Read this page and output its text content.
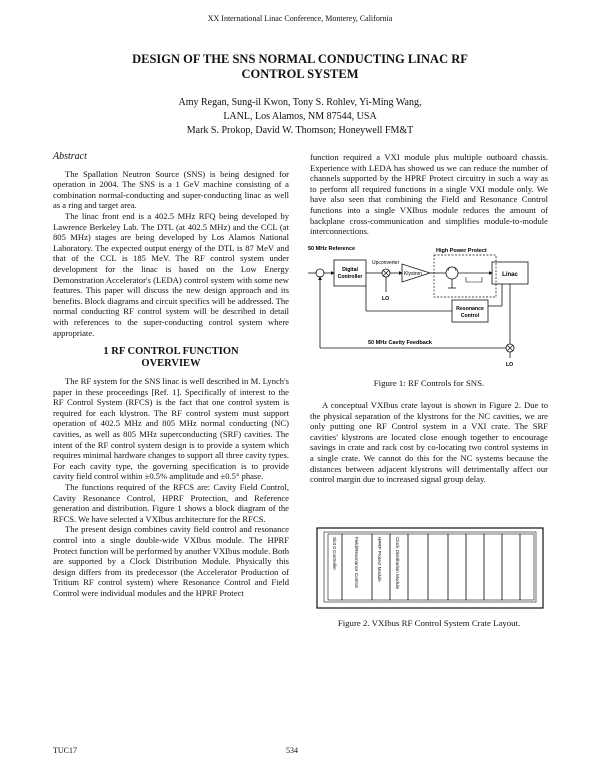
XX International Linac Conference, Monterey, California
DESIGN OF THE SNS NORMAL CONDUCTING LINAC RF
CONTROL SYSTEM
Amy Regan, Sung-il Kwon, Tony S. Rohlev, Yi-Ming Wang,
LANL, Los Alamos, NM 87544, USA
Mark S. Prokop, David W. Thomson; Honeywell FM&T
Abstract

The Spallation Neutron Source (SNS) is being designed for operation in 2004. The SNS is a 1 GeV machine consisting of a combination normal-conducting and super-conducting linac as well as a ring and target area.

The linac front end is a 402.5 MHz RFQ being developed by Lawrence Berkeley Lab. The DTL (at 402.5 MHz) and the CCL (at 805 MHz) stages are being developed by Los Alamos National Laboratory. The expected output energy of the DTL is 87 MeV and that of the CCL is 185 MeV. The RF control system under development for the linac is based on the Low Energy Demonstration Accelerator's (LEDA) control system with some new features. This paper will discuss the new design approach and its benefits. Block diagrams and circuit specifics will be addressed. The normal conducting RF control system will be described in detail with references to the super-conducting control system where appropriate.

1 RF CONTROL FUNCTION
OVERVIEW

The RF system for the SNS linac is well described in M. Lynch's paper in these proceedings [Ref. 1]. Specifically of interest to the RF Control System (RFCS) is the fact that one control system is required for each klystron. The RF control system must support operation of 402.5 MHz and 805 MHz normal conducting (NC) cavities, as well as 805 MHz superconducting (SRF) cavities. The intent of the RF control system design is to provide a system which requires minimal hardware changes to support all three cavity types. For each cavity type, the governing specification is to provide cavity field control within ±0.5% amplitude and ±0.5° phase.

The functions required of the RFCS are: Cavity Field Control, Cavity Resonance Control, HPRF Protection, and Reference generation and distribution. Figure 1 shows a block diagram of the RFCS. We have selected a VXIbus architecture for the RFCS.

The present design combines cavity field control and resonance control into a single double-wide VXIbus module. The HPRF Protect function will be performed by another VXIbus module. Both are supported by a Clock Distribution Module. Physically this design differs from its predecessor (the Accelerator Production of Tritium RF control system) where Resonance Control and Field Control were individual modules and the HPRF Protect

function required a VXI module plus multiple outboard chassis. Experience with LEDA has showed us we can reduce the number of channels supported by the HPRF Protect circuitry in such a way as to perform all required functions in a single VXI module only. We have also seen that combining the Field and Resonance Control functions into a single VXIbus module reduces the amount of backplane cross-communication and simplifies module-to-module interconnections.

50 MHz Reference	High Power Protect
Upconverter
Digital
Controller
LO
Klystron	Linac
Resonance
Control
LO
50 MHz Cavity Feedback
Figure 1: RF Controls for SNS.

A conceptual VXIbus crate layout is shown in Figure 2. Due to the physical separation of the klystrons for the NC cavities, we are only putting one RF Control system in a VXI crate. The SRF cavities' klystrons are located close enough together to encourage savings in crate and rack cost by co-locating two control systems in a single crate. We cannot do this for the NC systems because the distances between adjacent klystrons will detrimentally affect our control margin due to increased signal group delay.

Slot 0 Controller	Field/Resonance Control	HPRF Protect Module	Clock Distribution Module
Figure 2. VXIbus RF Control System Crate Layout.
TUC17	534
